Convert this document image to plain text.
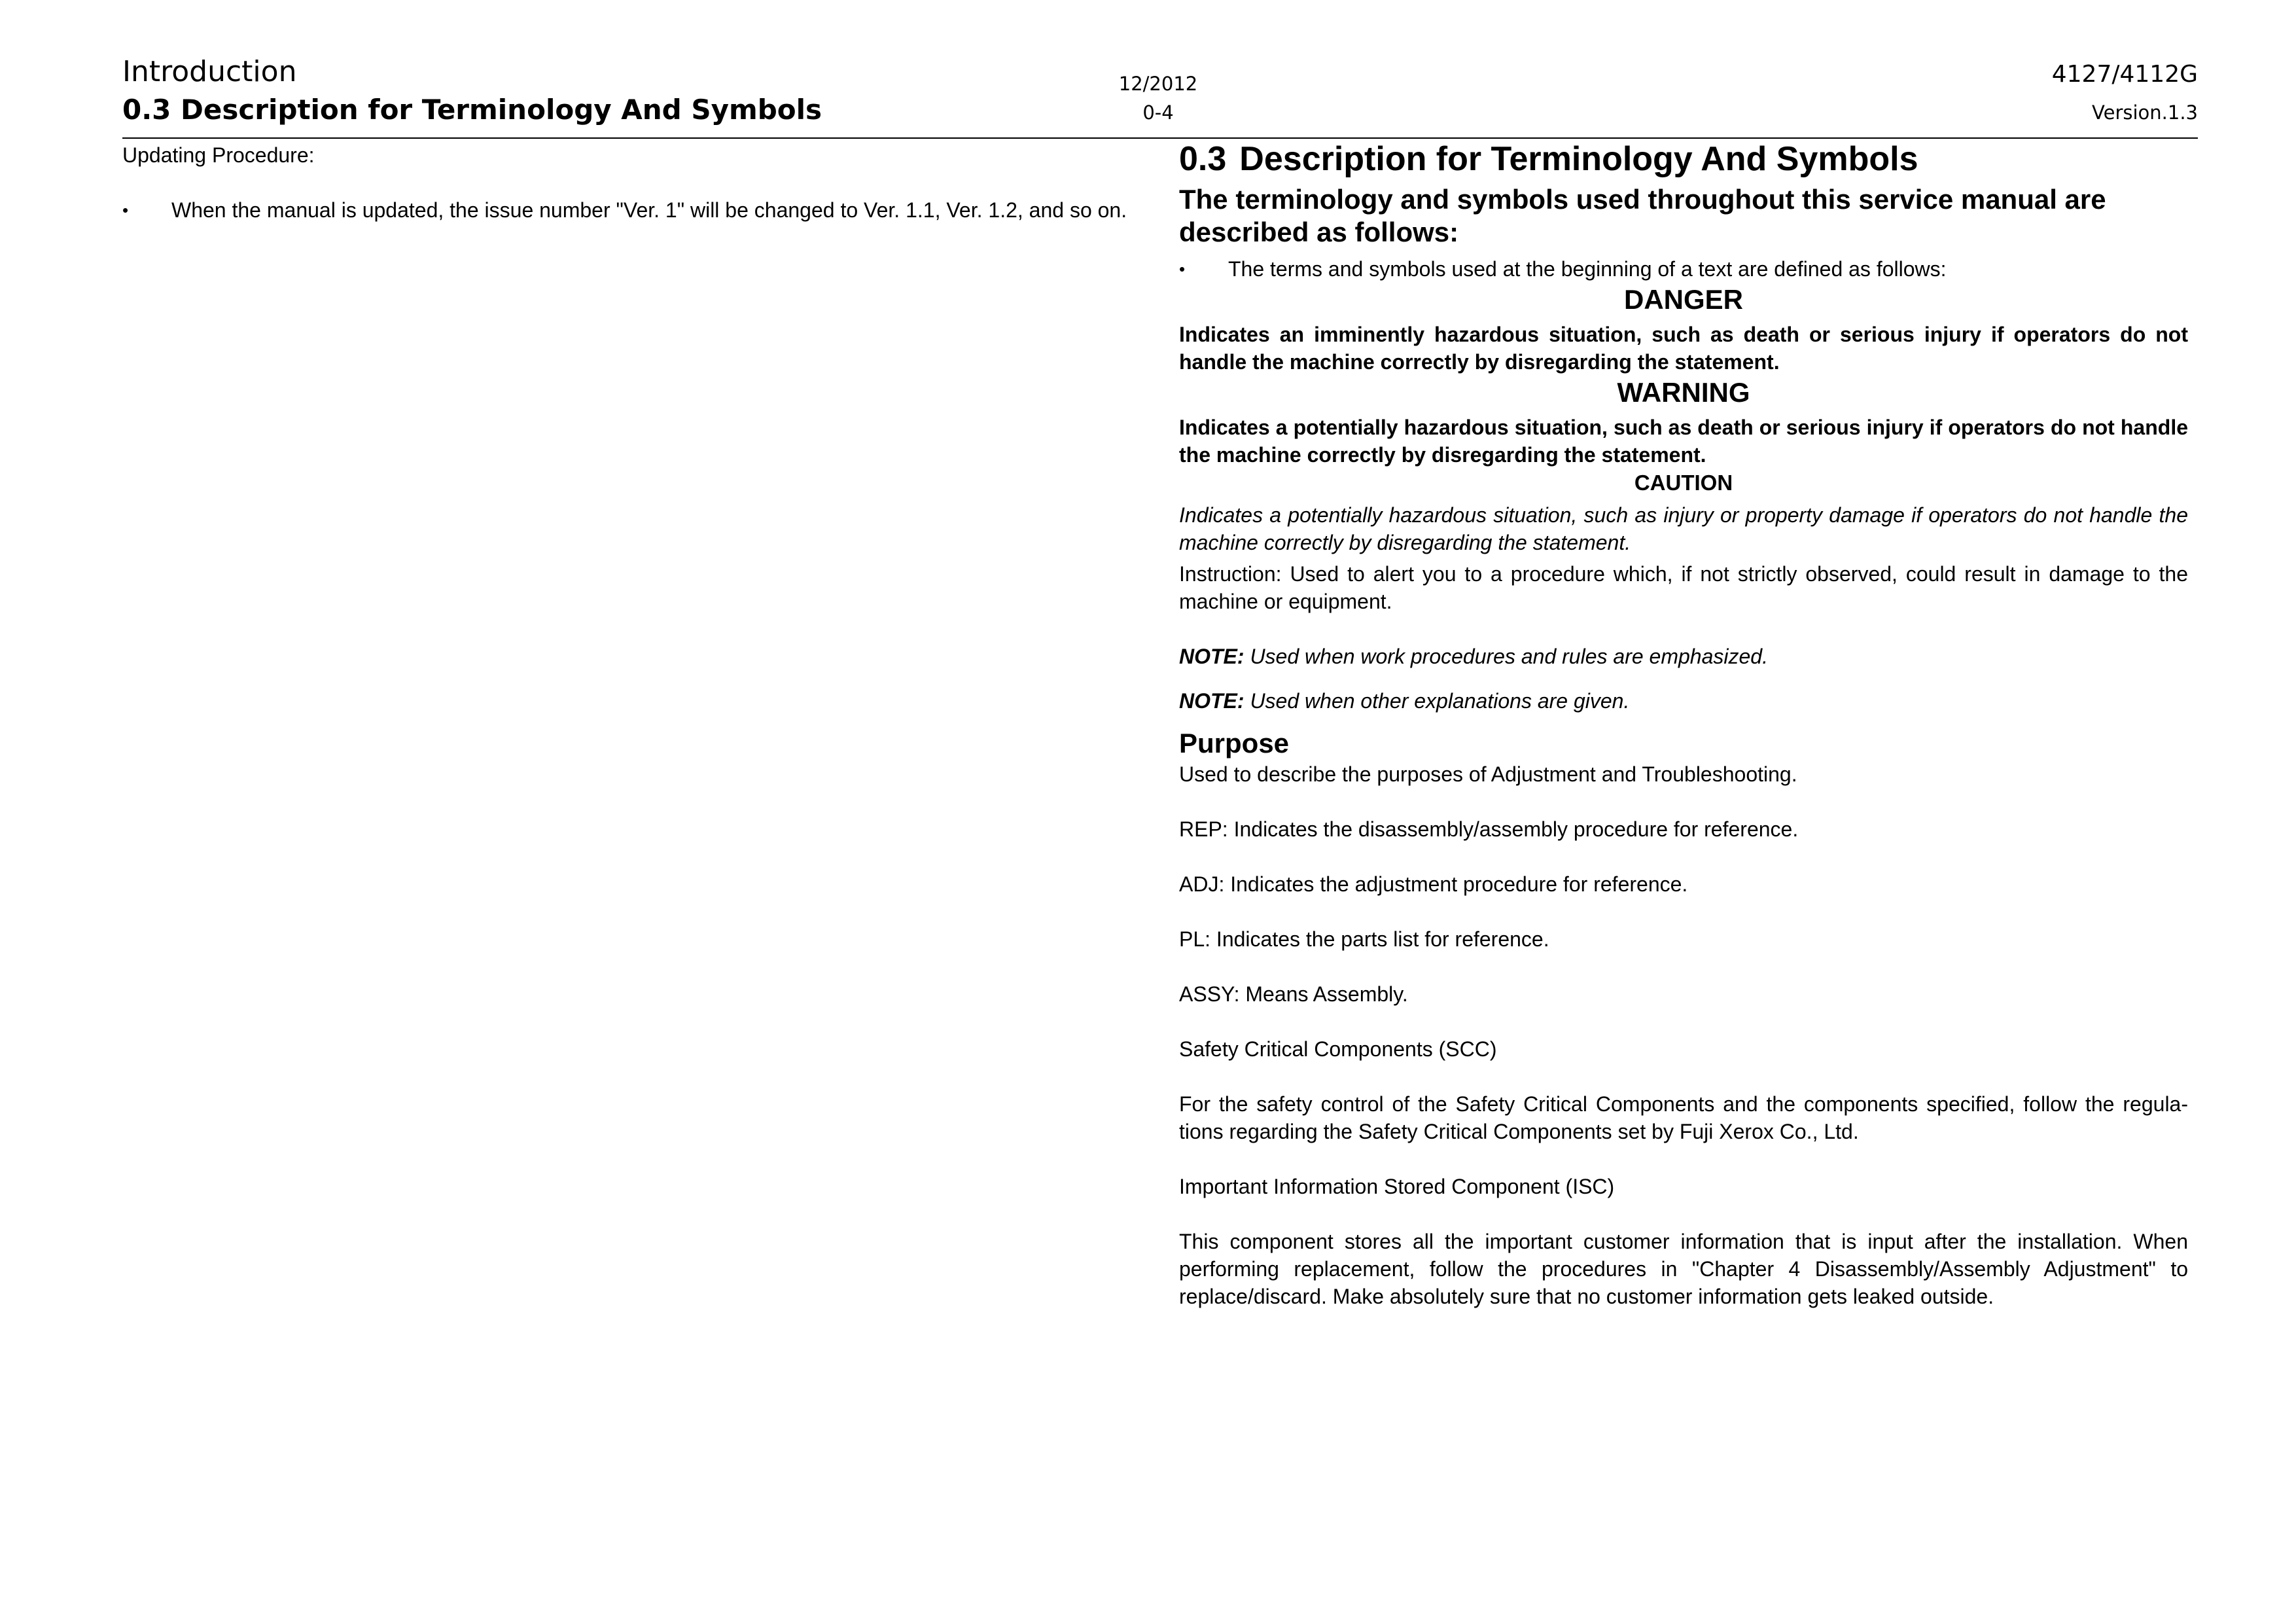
Introduction
0.3 Description for Terminology And Symbols
12/2012
0-4
4127/4112G
Version.1.3
Updating Procedure:
•	When the manual is updated, the issue number "Ver. 1" will be changed to Ver. 1.1, Ver. 1.2, and so on.
0.3 Description for Terminology And Symbols
The terminology and symbols used throughout this service manual are described as follows:
•	The terms and symbols used at the beginning of a text are defined as follows:

DANGER

Indicates an imminently hazardous situation, such as death or serious injury if operators do not handle the machine correctly by disregarding the statement.

WARNING

Indicates a potentially hazardous situation, such as death or serious injury if operators do not handle the machine correctly by disregarding the statement.

CAUTION

Indicates a potentially hazardous situation, such as injury or property damage if operators do not handle the machine correctly by disregarding the statement.

Instruction: Used to alert you to a procedure which, if not strictly observed, could result in damage to the machine or equipment.

NOTE: Used when work procedures and rules are emphasized.

NOTE: Used when other explanations are given.

Purpose

Used to describe the purposes of Adjustment and Troubleshooting.

REP: Indicates the disassembly/assembly procedure for reference.

ADJ: Indicates the adjustment procedure for reference.

PL: Indicates the parts list for reference.

ASSY: Means Assembly.

Safety Critical Components (SCC)

For the safety control of the Safety Critical Components and the components specified, follow the regula-tions regarding the Safety Critical Components set by Fuji Xerox Co., Ltd.

Important Information Stored Component (ISC)

This component stores all the important customer information that is input after the installation. When performing replacement, follow the procedures in "Chapter 4 Disassembly/Assembly Adjustment" to replace/discard. Make absolutely sure that no customer information gets leaked outside.
